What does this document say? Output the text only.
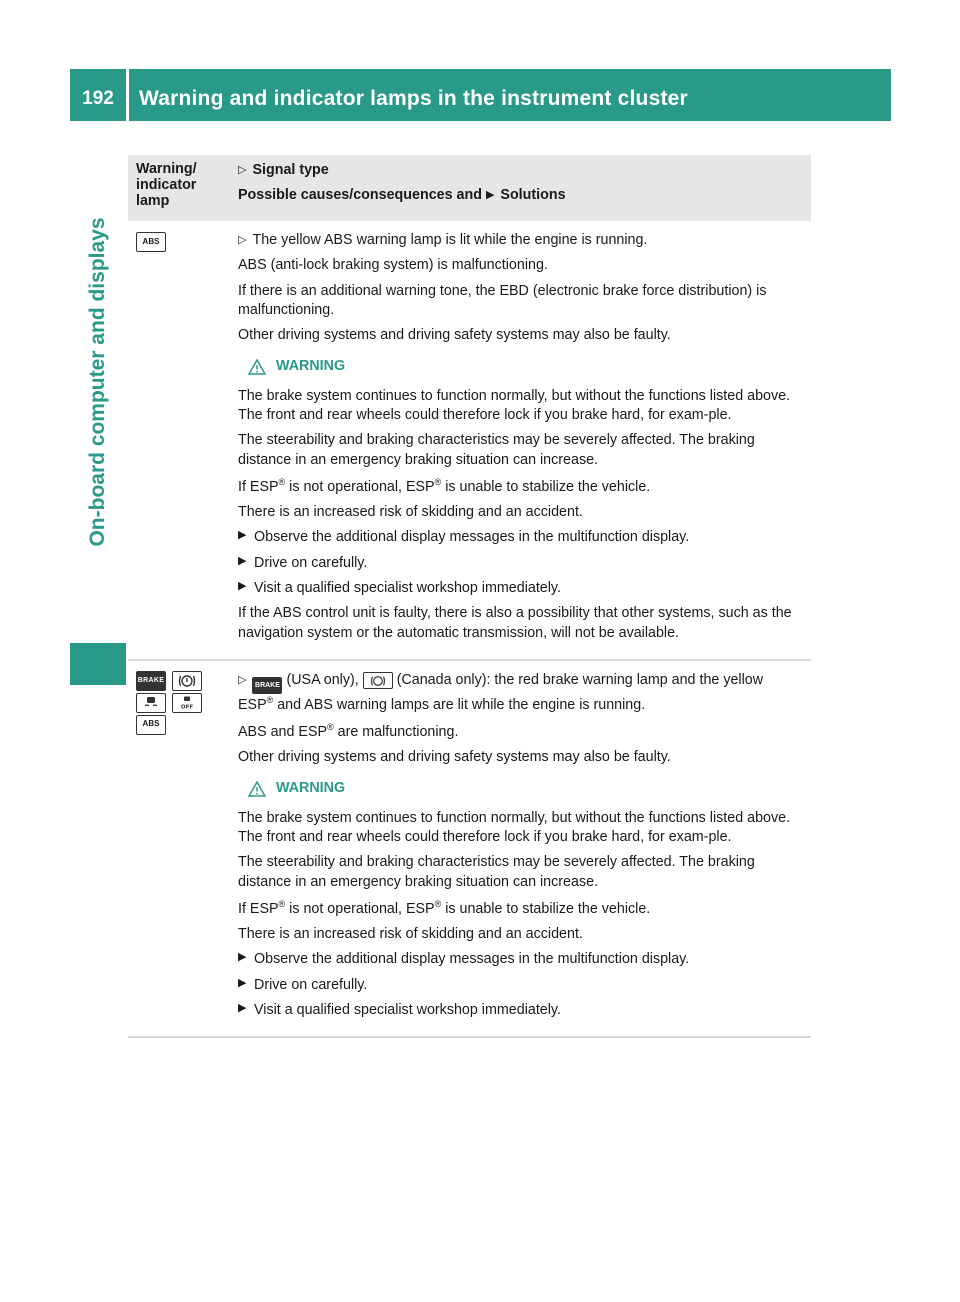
192	Warning and indicator lamps in the instrument cluster
On-board computer and displays
Warning/ indicator lamp

▷ Signal type

Possible causes/consequences and ▶ Solutions

ABS	▷ The yellow ABS warning lamp is lit while the engine is running.

ABS (anti-lock braking system) is malfunctioning.

If there is an additional warning tone, the EBD (electronic brake force distribution) is malfunctioning.

Other driving systems and driving safety systems may also be faulty.

WARNING

The brake system continues to function normally, but without the functions listed above. The front and rear wheels could therefore lock if you brake hard, for exam-ple.

The steerability and braking characteristics may be severely affected. The braking distance in an emergency braking situation can increase.

If ESP® is not operational, ESP® is unable to stabilize the vehicle.

There is an increased risk of skidding and an accident.

▶ Observe the additional display messages in the multifunction display.
▶ Drive on carefully.
▶ Visit a qualified specialist workshop immediately.

If the ABS control unit is faulty, there is also a possibility that other systems, such as the navigation system or the automatic transmission, will not be available.

BRAKE
OFF
ABS

▷ BRAKE (USA only),
(Canada only): the red brake warning lamp and the yellow ESP® and ABS warning lamps are lit while the engine is running.

ABS and ESP® are malfunctioning.

Other driving systems and driving safety systems may also be faulty.

WARNING

The brake system continues to function normally, but without the functions listed above. The front and rear wheels could therefore lock if you brake hard, for exam-ple.

The steerability and braking characteristics may be severely affected. The braking distance in an emergency braking situation can increase.

If ESP® is not operational, ESP® is unable to stabilize the vehicle.

There is an increased risk of skidding and an accident.

▶ Observe the additional display messages in the multifunction display.
▶ Drive on carefully.
▶ Visit a qualified specialist workshop immediately.
